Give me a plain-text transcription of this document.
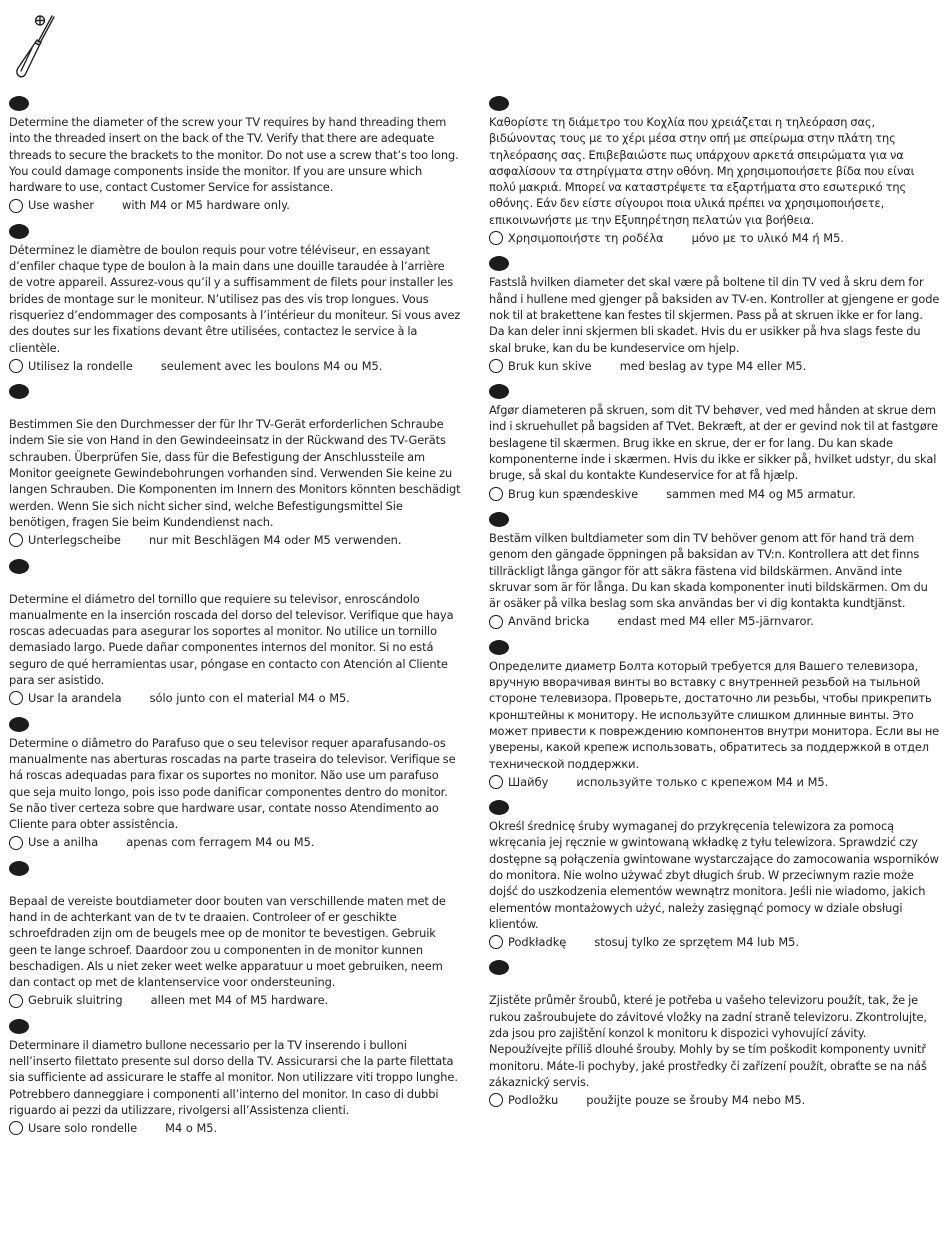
Determine the diameter of the screw your TV requires by hand threading them into the threaded insert on the back of the TV. Verify that there are adequate threads to secure the brackets to the monitor. Do not use a screw that’s too long. You could damage components inside the monitor. If you are unsure which hardware to use, contact Customer Service for assistance.

Use washer with M4 or M5 hardware only.

Déterminez le diamètre de boulon requis pour votre téléviseur, en essayant d’enfiler chaque type de boulon à la main dans une douille taraudée à l’arrière de votre appareil. Assurez-vous qu’il y a suffisamment de filets pour installer les brides de montage sur le moniteur. N’utilisez pas des vis trop longues. Vous risqueriez d’endommager des composants à l’intérieur du moniteur. Si vous avez des doutes sur les fixations devant être utilisées, contactez le service à la clientèle.

Utilisez la rondelle seulement avec les boulons M4 ou M5.

Bestimmen Sie den Durchmesser der für Ihr TV-Gerät erforderlichen Schraube indem Sie sie von Hand in den Gewindeeinsatz in der Rückwand des TV-Geräts schrauben. Überprüfen Sie, dass für die Befestigung der Anschlussteile am Monitor geeignete Gewindebohrungen vorhanden sind. Verwenden Sie keine zu langen Schrauben. Die Komponenten im Innern des Monitors könnten beschädigt werden. Wenn Sie sich nicht sicher sind, welche Befestigungsmittel Sie benötigen, fragen Sie beim Kundendienst nach.

Unterlegscheibe nur mit Beschlägen M4 oder M5 verwenden.

Determine el diámetro del tornillo que requiere su televisor, enroscándolo manualmente en la inserción roscada del dorso del televisor. Verifique que haya roscas adecuadas para asegurar los soportes al monitor. No utilice un tornillo demasiado largo. Puede dañar componentes internos del monitor. Si no está seguro de qué herramientas usar, póngase en contacto con Atención al Cliente para ser asistido.

Usar la arandela sólo junto con el material M4 o M5.

Determine o diâmetro do Parafuso que o seu televisor requer aparafusando-os manualmente nas aberturas roscadas na parte traseira do televisor. Verifique se há roscas adequadas para fixar os suportes no monitor. Não use um parafuso que seja muito longo, pois isso pode danificar componentes dentro do monitor. Se não tiver certeza sobre que hardware usar, contate nosso Atendimento ao Cliente para obter assistência.

Use a anilha apenas com ferragem M4 ou M5.

Bepaal de vereiste boutdiameter door bouten van verschillende maten met de hand in de achterkant van de tv te draaien. Controleer of er geschikte schroefdraden zijn om de beugels mee op de monitor te bevestigen. Gebruik geen te lange schroef. Daardoor zou u componenten in de monitor kunnen beschadigen. Als u niet zeker weet welke apparatuur u moet gebruiken, neem dan contact op met de klantenservice voor ondersteuning.

Gebruik sluitring alleen met M4 of M5 hardware.

Determinare il diametro bullone necessario per la TV inserendo i bulloni nell’inserto filettato presente sul dorso della TV. Assicurarsi che la parte filettata sia sufficiente ad assicurare le staffe al monitor. Non utilizzare viti troppo lunghe. Potrebbero danneggiare i componenti all’interno del monitor. In caso di dubbi riguardo ai pezzi da utilizzare, rivolgersi all’Assistenza clienti.

Usare solo rondelle M4 o M5.

Καθορίστε τη διάμετρο του Κοχλία που χρειάζεται η τηλεόραση σας, βιδώνοντας τους με το χέρι μέσα στην οπή με σπείρωμα στην πλάτη της τηλεόρασης σας. Επιβεβαιώστε πως υπάρχουν αρκετά σπειρώματα για να ασφαλίσουν τα στηρίγματα στην οθόνη. Μη χρησιμοποιήσετε βίδα που είναι πολύ μακριά. Μπορεί να καταστρέψετε τα εξαρτήματα στο εσωτερικό της οθόνης. Εάν δεν είστε σίγουροι ποια υλικά πρέπει να χρησιμοποιήσετε, επικοινωνήστε με την Εξυπηρέτηση πελατών για βοήθεια.

Χρησιμοποιήστε τη ροδέλα μόνο με το υλικό M4 ή M5.

Fastslå hvilken diameter det skal være på boltene til din TV ved å skru dem for hånd i hullene med gjenger på baksiden av TV-en. Kontroller at gjengene er gode nok til at brakettene kan festes til skjermen. Pass på at skruen ikke er for lang. Da kan deler inni skjermen bli skadet. Hvis du er usikker på hva slags feste du skal bruke, kan du be kundeservice om hjelp.

Bruk kun skive med beslag av type M4 eller M5.

Afgør diameteren på skruen, som dit TV behøver, ved med hånden at skrue dem ind i skruehullet på bagsiden af TVet. Bekræft, at der er gevind nok til at fastgøre beslagene til skærmen. Brug ikke en skrue, der er for lang. Du kan skade komponenterne inde i skærmen. Hvis du ikke er sikker på, hvilket udstyr, du skal bruge, så skal du kontakte Kundeservice for at få hjælp.

Brug kun spændeskive sammen med M4 og M5 armatur.

Bestäm vilken bultdiameter som din TV behöver genom att för hand trä dem genom den gängade öppningen på baksidan av TV:n. Kontrollera att det finns tillräckligt långa gängor för att säkra fästena vid bildskärmen. Använd inte skruvar som är för långa. Du kan skada komponenter inuti bildskärmen. Om du är osäker på vilka beslag som ska användas ber vi dig kontakta kundtjänst.

Använd bricka endast med M4 eller M5-järnvaror.

Определите диаметр Болта который требуется для Вашего телевизора, вручную вворачивая винты во вставку с внутренней резьбой на тыльной стороне телевизора. Проверьте, достаточно ли резьбы, чтобы прикрепить кронштейны к монитору. Не используйте слишком длинные винты. Это может привести к повреждению компонентов внутри монитора. Если вы не уверены, какой крепеж использовать, обратитесь за поддержкой в отдел технической поддержки.

Шайбу используйте только с крепежом M4 и M5.

Określ średnicę śruby wymaganej do przykręcenia telewizora za pomocą wkręcania jej ręcznie w gwintowaną wkładkę z tyłu telewizora. Sprawdzić czy dostępne są połączenia gwintowane wystarczające do zamocowania wsporników do monitora. Nie wolno używać zbyt długich śrub. W przeciwnym razie może dojść do uszkodzenia elementów wewnątrz monitora. Jeśli nie wiadomo, jakich elementów montażowych użyć, należy zasięgnąć pomocy w dziale obsługi klientów.

Podkładkę stosuj tylko ze sprzętem M4 lub M5.

Zjistěte průměr šroubů, které je potřeba u vašeho televizoru použít, tak, že je rukou zašroubujete do závitové vložky na zadní straně televizoru. Zkontrolujte, zda jsou pro zajištění konzol k monitoru k dispozici vyhovující závity. Nepoužívejte příliš dlouhé šrouby. Mohly by se tím poškodit komponenty uvnitř monitoru. Máte-li pochyby, jaké prostředky či zařízení použít, obraťte se na náš zákaznický servis.

Podložku použijte pouze se šrouby M4 nebo M5.
